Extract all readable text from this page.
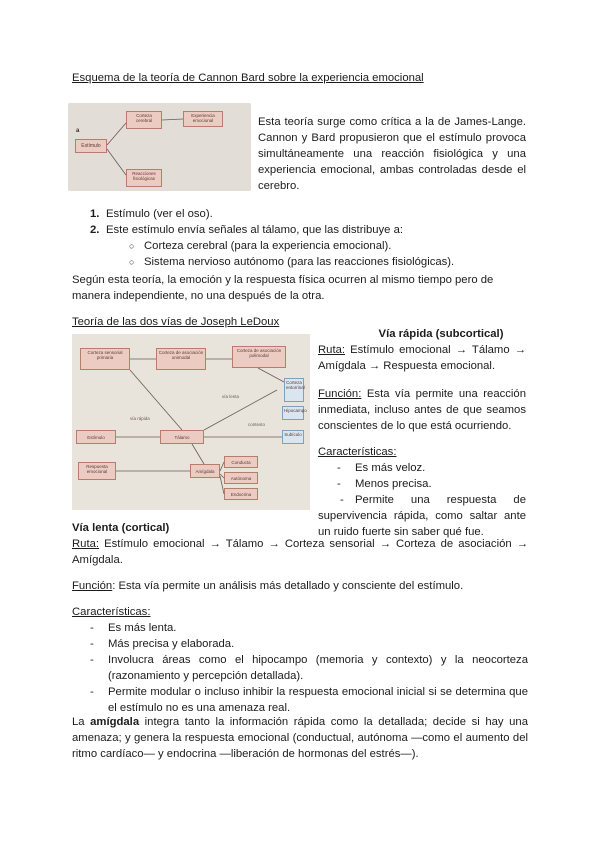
Esquema de la teoría de Cannon Bard sobre la experiencia emocional
a
Estímulo
Corteza cerebral
Experiencia emocional
Reacciones fisiológicas
Esta teoría surge como crítica a la de James-Lange. Cannon y Bard propusieron que el estímulo provoca simultáneamente una reacción fisiológica y una experiencia emocional, ambas controladas desde el cerebro.
1. Estímulo (ver el oso).
2. Este estímulo envía señales al tálamo, que las distribuye a:
○ Corteza cerebral (para la experiencia emocional).
○ Sistema nervioso autónomo (para las reacciones fisiológicas).
Según esta teoría, la emoción y la respuesta física ocurren al mismo tiempo pero de manera independiente, no una después de la otra.
Teoría de las dos vías de Joseph LeDoux
Corteza sensorial primaria
Corteza de asociación unimodal
Corteza de asociación polimodal
Estímulo	Tálamo
Respuesta emocional	Amígdala
Corteza entorrinal
Hipocampo
Subículo
Conducta
Autónoma
Endocrina
vía rápida
vía lenta
contexto
Vía rápida (subcortical)
Ruta: Estímulo emocional → Tálamo → Amígdala → Respuesta emocional.
Función: Esta vía permite una reacción inmediata, incluso antes de que seamos conscientes de lo que está ocurriendo.
Características:
- Es más veloz.
- Menos precisa.
- Permite una respuesta de supervivencia rápida, como saltar ante un ruido fuerte sin saber qué fue.
Vía lenta (cortical)
Ruta: Estímulo emocional → Tálamo → Corteza sensorial → Corteza de asociación → Amígdala.
Función: Esta vía permite un análisis más detallado y consciente del estímulo.
Características:
- Es más lenta.
- Más precisa y elaborada.
- Involucra áreas como el hipocampo (memoria y contexto) y la neocorteza (razonamiento y percepción detallada).
- Permite modular o incluso inhibir la respuesta emocional inicial si se determina que el estímulo no es una amenaza real.
La amígdala integra tanto la información rápida como la detallada; decide si hay una amenaza; y genera la respuesta emocional (conductual, autónoma —como el aumento del ritmo cardíaco— y endocrina —liberación de hormonas del estrés—).
